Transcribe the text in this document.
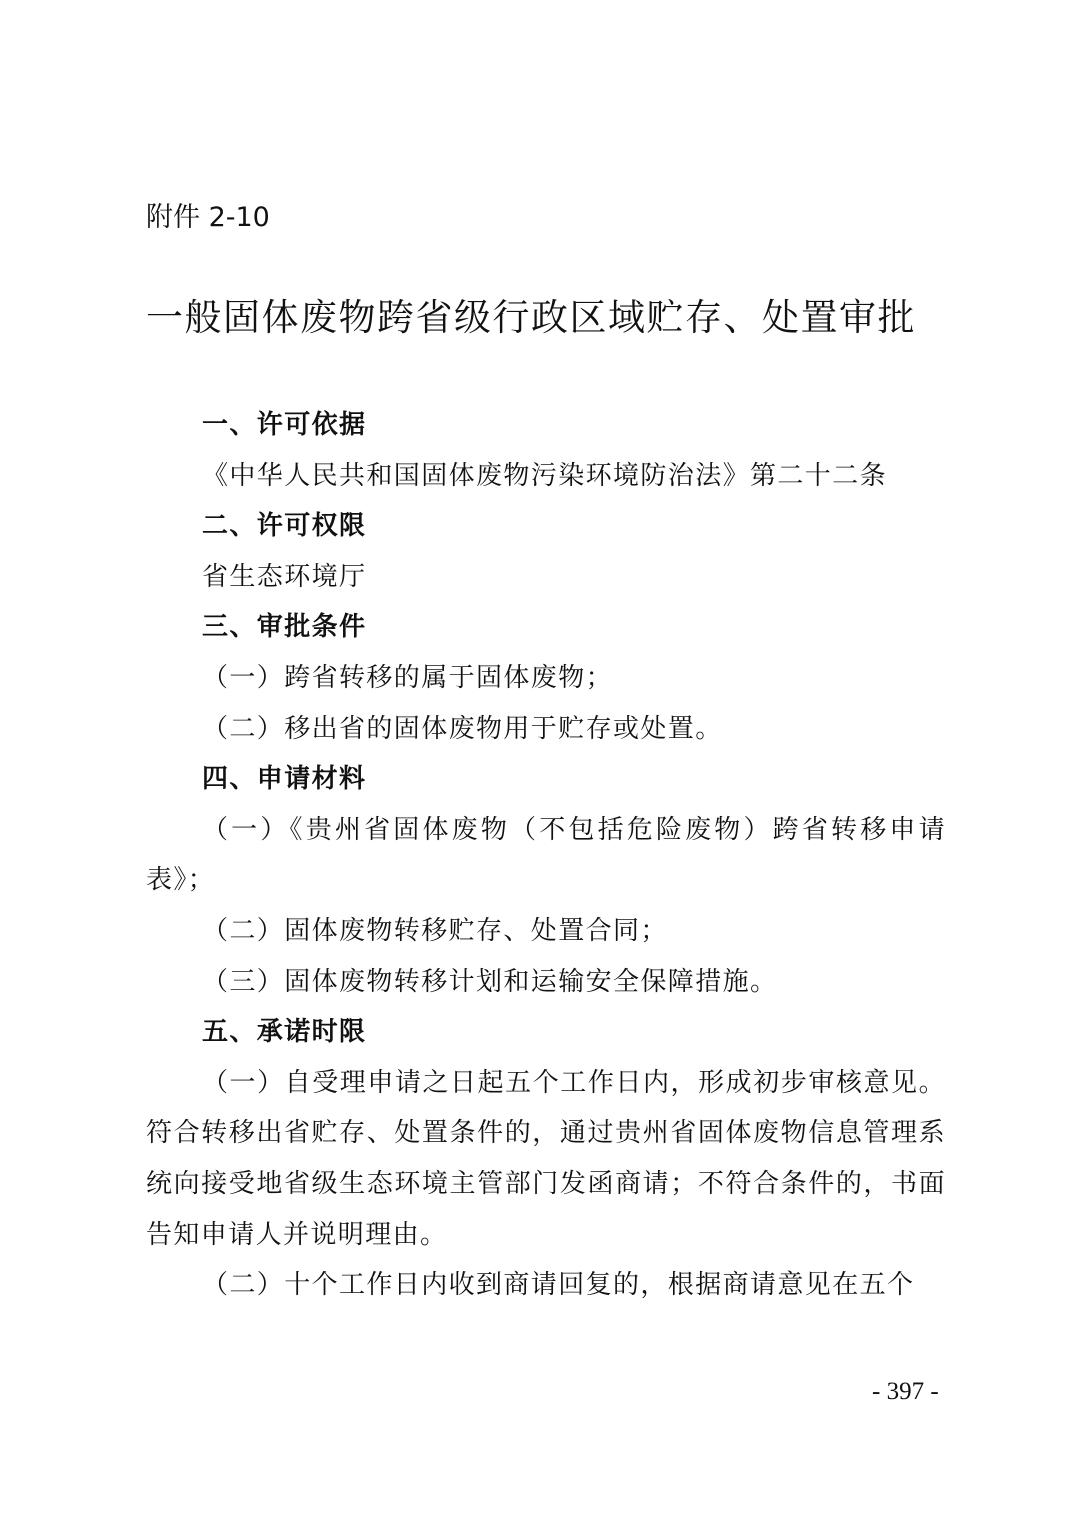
附件 2-10
一般固体废物跨省级行政区域贮存、处置审批
一、许可依据
《中华人民共和国固体废物污染环境防治法》第二十二条
二、许可权限
省生态环境厅
三、审批条件
（一）跨省转移的属于固体废物；
（二）移出省的固体废物用于贮存或处置。
四、申请材料
（一）《贵州省固体废物（不包括危险废物）跨省转移申请表》；
（二）固体废物转移贮存、处置合同；
（三）固体废物转移计划和运输安全保障措施。
五、承诺时限
（一）自受理申请之日起五个工作日内，形成初步审核意见。符合转移出省贮存、处置条件的，通过贵州省固体废物信息管理系统向接受地省级生态环境主管部门发函商请；不符合条件的，书面告知申请人并说明理由。
（二）十个工作日内收到商请回复的，根据商请意见在五个
- 397 -
